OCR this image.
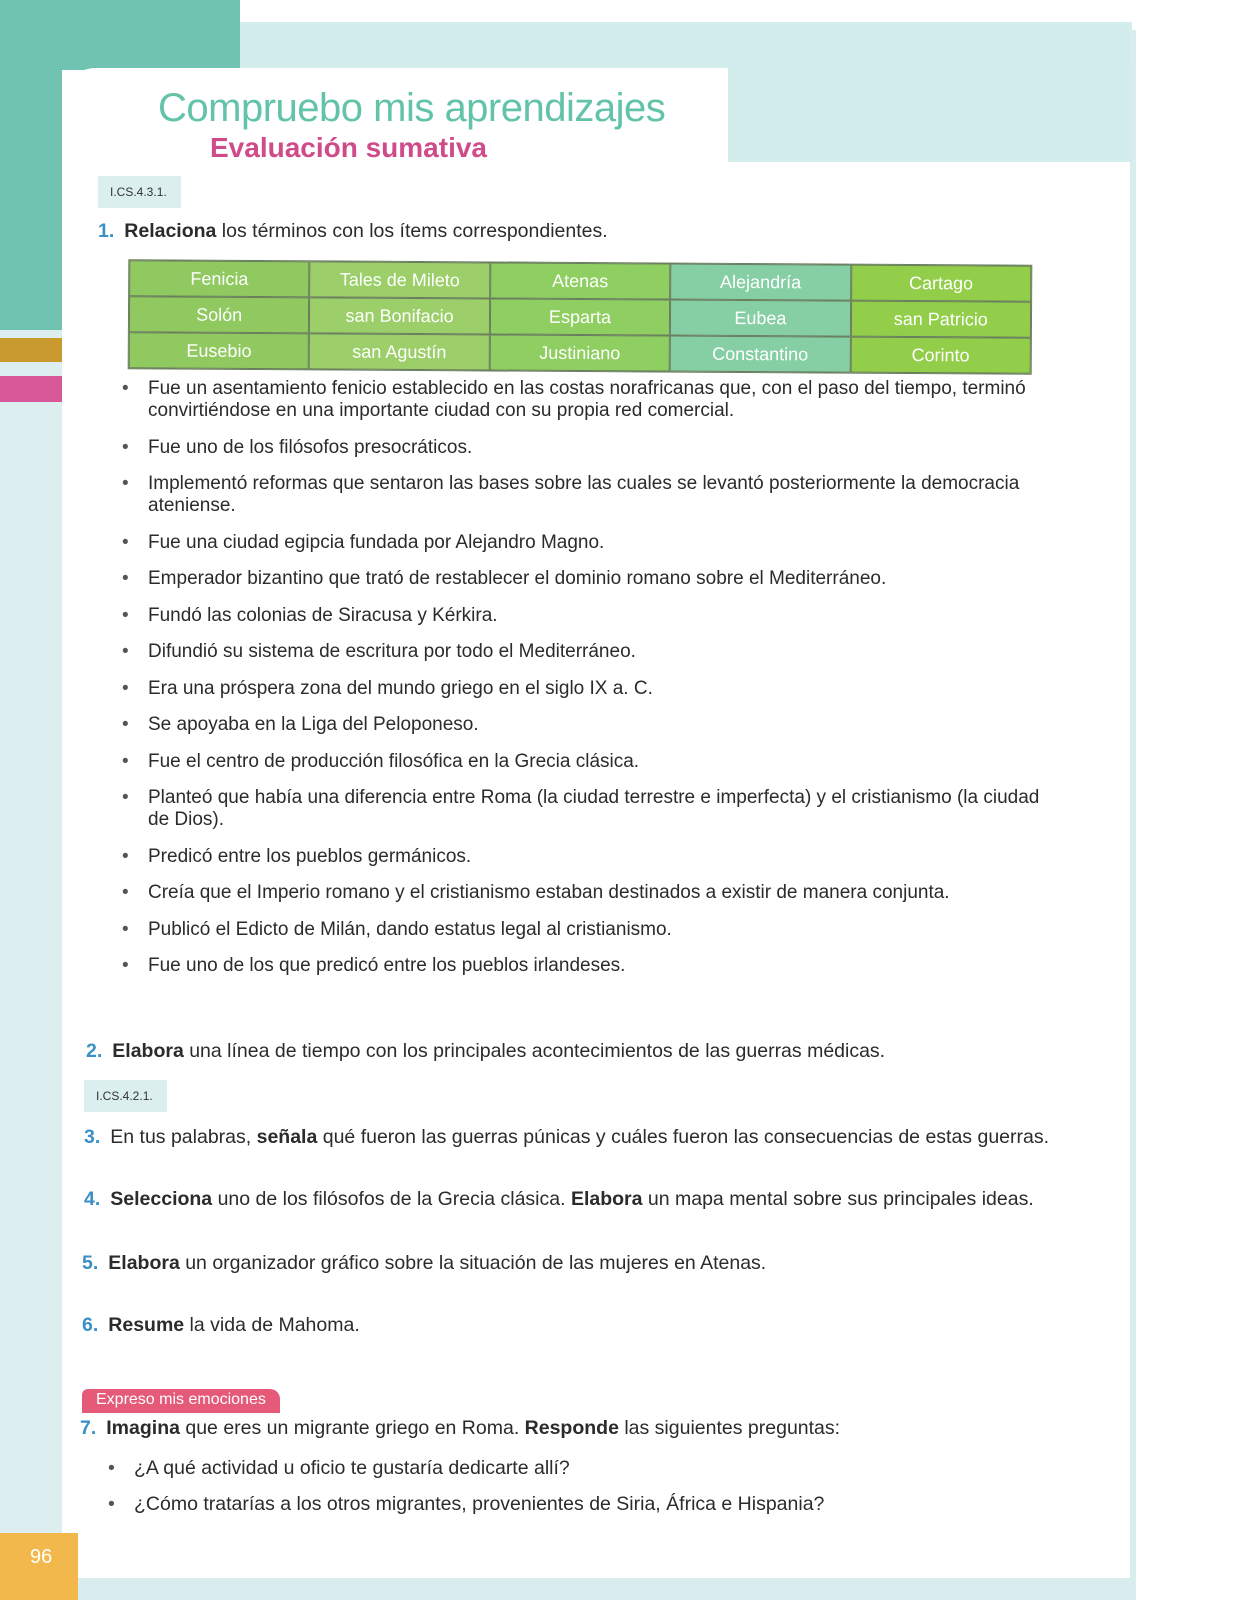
96
Compruebo mis aprendizajes
Evaluación sumativa
I.CS.4.3.1.
1. Relaciona los términos con los ítems correspondientes.
Fenicia	Tales de Mileto	Atenas	Alejandría	Cartago
Solón	san Bonifacio	Esparta	Eubea	san Patricio
Eusebio	san Agustín	Justiniano	Constantino	Corinto
• Fue un asentamiento fenicio establecido en las costas norafricanas que, con el paso del tiempo, terminó convirtiéndose en una importante ciudad con su propia red comercial.
• Fue uno de los filósofos presocráticos.
• Implementó reformas que sentaron las bases sobre las cuales se levantó posteriormente la democracia ateniense.
• Fue una ciudad egipcia fundada por Alejandro Magno.
• Emperador bizantino que trató de restablecer el dominio romano sobre el Mediterráneo.
• Fundó las colonias de Siracusa y Kérkira.
• Difundió su sistema de escritura por todo el Mediterráneo.
• Era una próspera zona del mundo griego en el siglo IX a. C.
• Se apoyaba en la Liga del Peloponeso.
• Fue el centro de producción filosófica en la Grecia clásica.
• Planteó que había una diferencia entre Roma (la ciudad terrestre e imperfecta) y el cristianismo (la ciudad de Dios).
• Predicó entre los pueblos germánicos.
• Creía que el Imperio romano y el cristianismo estaban destinados a existir de manera conjunta.
• Publicó el Edicto de Milán, dando estatus legal al cristianismo.
• Fue uno de los que predicó entre los pueblos irlandeses.
2. Elabora una línea de tiempo con los principales acontecimientos de las guerras médicas.
I.CS.4.2.1.
3. En tus palabras, señala qué fueron las guerras púnicas y cuáles fueron las consecuencias de estas guerras.
4. Selecciona uno de los filósofos de la Grecia clásica. Elabora un mapa mental sobre sus principales ideas.
5. Elabora un organizador gráfico sobre la situación de las mujeres en Atenas.
6. Resume la vida de Mahoma.
Expreso mis emociones
7. Imagina que eres un migrante griego en Roma. Responde las siguientes preguntas:
• ¿A qué actividad u oficio te gustaría dedicarte allí?
• ¿Cómo tratarías a los otros migrantes, provenientes de Siria, África e Hispania?
